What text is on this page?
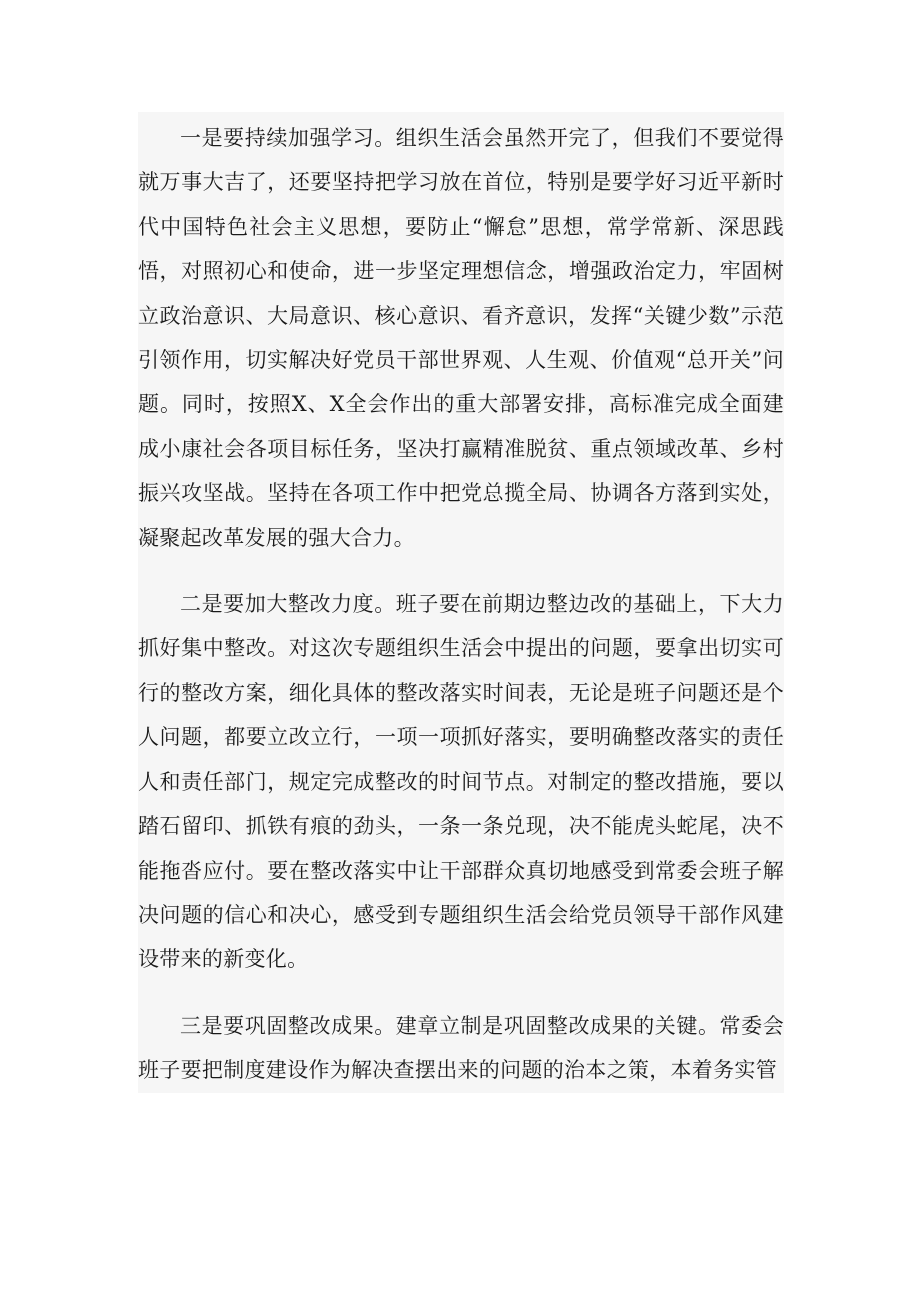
一是要持续加强学习。组织生活会虽然开完了，但我们不要觉得就万事大吉了，还要坚持把学习放在首位，特别是要学好习近平新时代中国特色社会主义思想，要防止“懈怠”思想，常学常新、深思践悟，对照初心和使命，进一步坚定理想信念，增强政治定力，牢固树立政治意识、大局意识、核心意识、看齐意识，发挥“关键少数”示范引领作用，切实解决好党员干部世界观、人生观、价值观“总开关”问题。同时，按照X、X全会作出的重大部署安排，高标准完成全面建成小康社会各项目标任务，坚决打赢精准脱贫、重点领域改革、乡村振兴攻坚战。坚持在各项工作中把党总揽全局、协调各方落到实处，凝聚起改革发展的强大合力。

二是要加大整改力度。班子要在前期边整边改的基础上，下大力抓好集中整改。对这次专题组织生活会中提出的问题，要拿出切实可行的整改方案，细化具体的整改落实时间表，无论是班子问题还是个人问题，都要立改立行，一项一项抓好落实，要明确整改落实的责任人和责任部门，规定完成整改的时间节点。对制定的整改措施，要以踏石留印、抓铁有痕的劲头，一条一条兑现，决不能虎头蛇尾，决不能拖沓应付。要在整改落实中让干部群众真切地感受到常委会班子解决问题的信心和决心，感受到专题组织生活会给党员领导干部作风建设带来的新变化。

三是要巩固整改成果。建章立制是巩固整改成果的关键。常委会班子要把制度建设作为解决查摆出来的问题的治本之策，本着务实管
